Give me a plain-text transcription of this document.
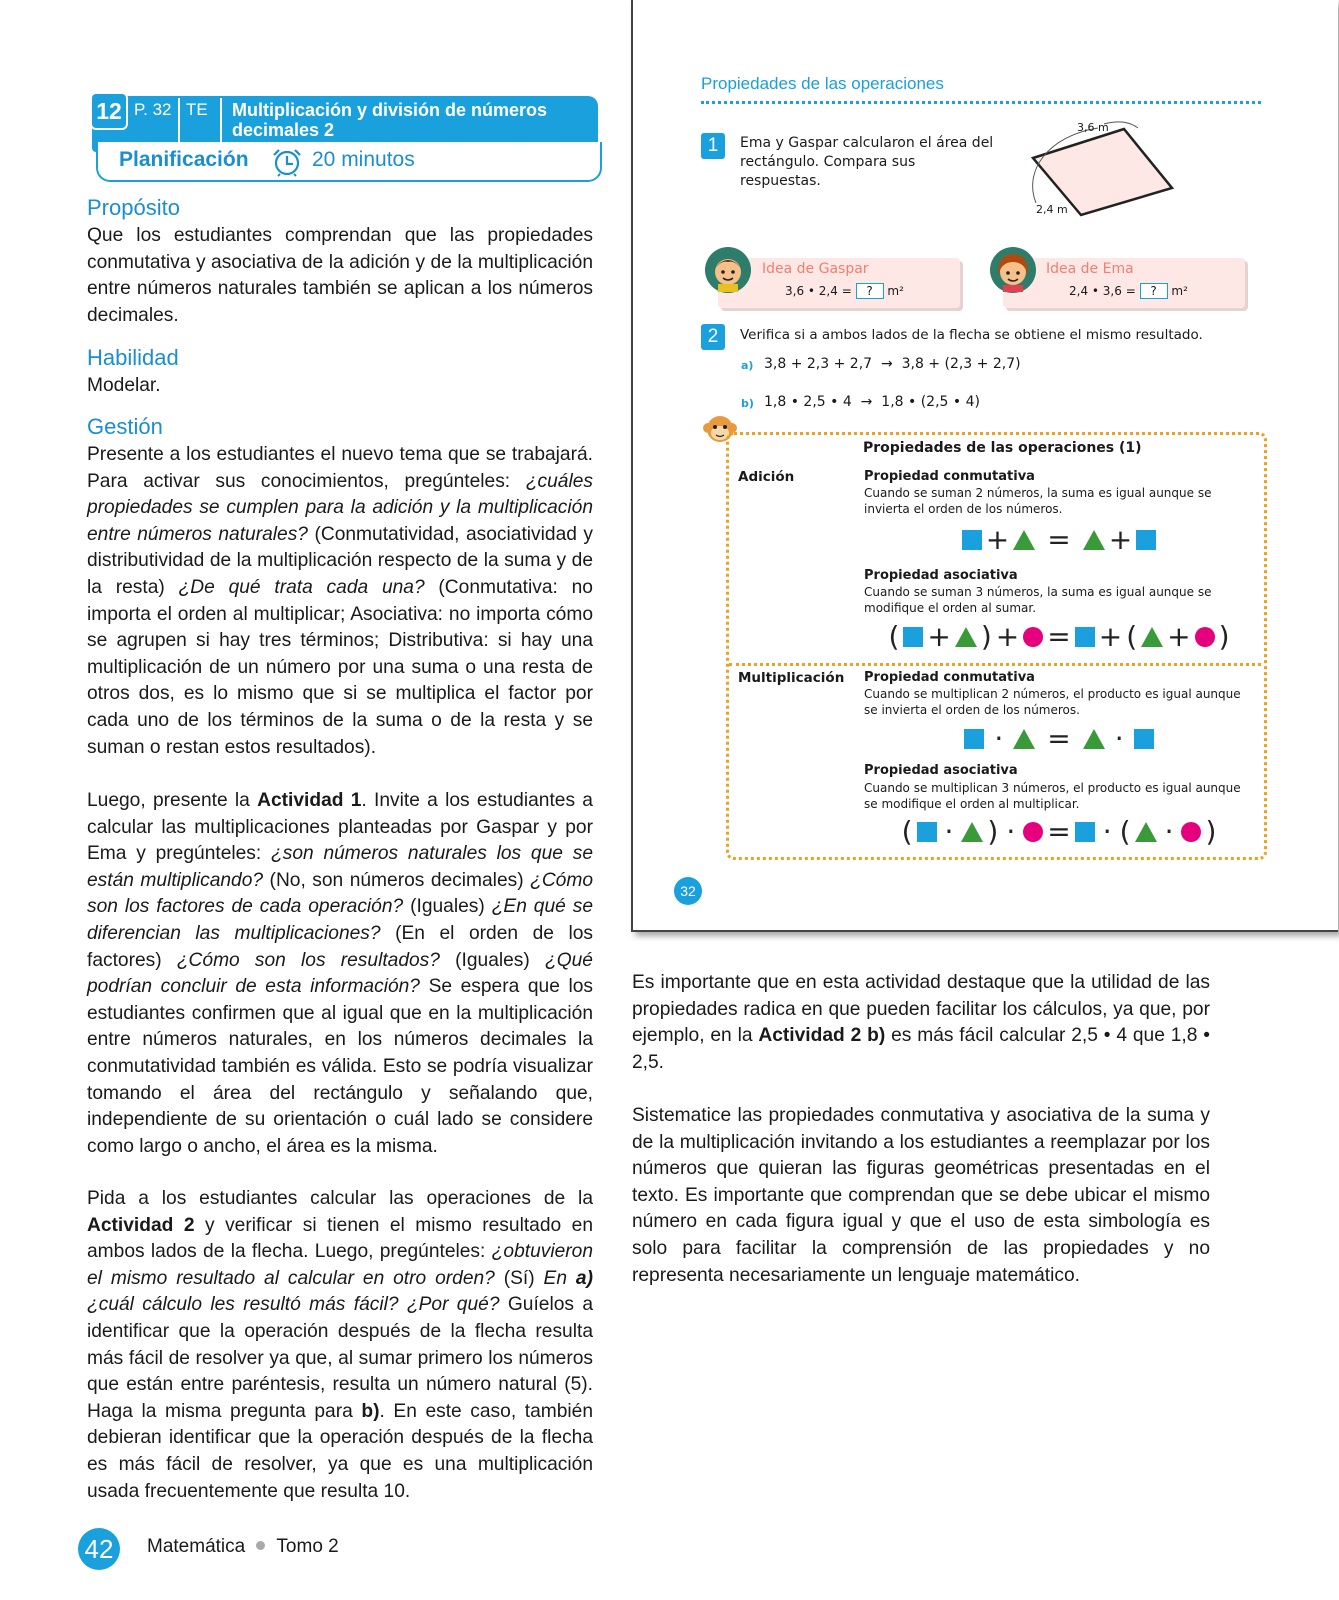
12 P. 32 TE Multiplicación y división de números decimales 2
Planificación	20 minutos
Propósito
Que los estudiantes comprendan que las propiedades conmutativa y asociativa de la adición y de la multiplicación entre números naturales también se aplican a los números decimales.
Habilidad
Modelar.
Gestión
Presente a los estudiantes el nuevo tema que se trabajará. Para activar sus conocimientos, pregúnteles: ¿cuáles propiedades se cumplen para la adición y la multiplicación entre números naturales? (Conmutatividad, asociatividad y distributividad de la multiplicación respecto de la suma y de la resta) ¿De qué trata cada una? (Conmutativa: no importa el orden al multiplicar; Asociativa: no importa cómo se agrupen si hay tres términos; Distributiva: si hay una multiplicación de un número por una suma o una resta de otros dos, es lo mismo que si se multiplica el factor por cada uno de los términos de la suma o de la resta y se suman o restan estos resultados).
Luego, presente la Actividad 1. Invite a los estudiantes a calcular las multiplicaciones planteadas por Gaspar y por Ema y pregúnteles: ¿son números naturales los que se están multiplicando? (No, son números decimales) ¿Cómo son los factores de cada operación? (Iguales) ¿En qué se diferencian las multiplicaciones? (En el orden de los factores) ¿Cómo son los resultados? (Iguales) ¿Qué podrían concluir de esta información? Se espera que los estudiantes confirmen que al igual que en la multiplicación entre números naturales, en los números decimales la conmutatividad también es válida. Esto se podría visualizar tomando el área del rectángulo y señalando que, independiente de su orientación o cuál lado se considere como largo o ancho, el área es la misma.
Pida a los estudiantes calcular las operaciones de la Actividad 2 y verificar si tienen el mismo resultado en ambos lados de la flecha. Luego, pregúnteles: ¿obtuvieron el mismo resultado al calcular en otro orden? (Sí) En a) ¿cuál cálculo les resultó más fácil? ¿Por qué? Guíelos a identificar que la operación después de la flecha resulta más fácil de resolver ya que, al sumar primero los números que están entre paréntesis, resulta un número natural (5). Haga la misma pregunta para b). En este caso, también debieran identificar que la operación después de la flecha es más fácil de resolver, ya que es una multiplicación usada frecuentemente que resulta 10.
Propiedades de las operaciones
1	Ema y Gaspar calcularon el área del rectángulo. Compara sus respuestas.
3,6 m
2,4 m
Idea de Gaspar
3,6 • 2,4 = ? m²
Idea de Ema
2,4 • 3,6 = ? m²
2	Verifica si a ambos lados de la flecha se obtiene el mismo resultado.
a) 3,8 + 2,3 + 2,7  →  3,8 + (2,3 + 2,7)
b) 1,8 • 2,5 • 4  →  1,8 • (2,5 • 4)
Propiedades de las operaciones (1)
Adición	Propiedad conmutativa
Cuando se suman 2 números, la suma es igual aunque se invierta el orden de los números.
+ = +
Propiedad asociativa
Cuando se suman 3 números, la suma es igual aunque se modifique el orden al sumar.
( + ) + = + ( + )
Multiplicación Propiedad conmutativa
Cuando se multiplican 2 números, el producto es igual aunque se invierta el orden de los números.
· = ·
Propiedad asociativa
Cuando se multiplican 3 números, el producto es igual aunque se modifique el orden al multiplicar.
( · ) · = · ( · )
32
Es importante que en esta actividad destaque que la utilidad de las propiedades radica en que pueden facilitar los cálculos, ya que, por ejemplo, en la Actividad 2 b) es más fácil calcular 2,5 • 4 que 1,8 • 2,5.
Sistematice las propiedades conmutativa y asociativa de la suma y de la multiplicación invitando a los estudiantes a reemplazar por los números que quieran las figuras geométricas presentadas en el texto. Es importante que comprendan que se debe ubicar el mismo número en cada figura igual y que el uso de esta simbología es solo para facilitar la comprensión de las propiedades y no representa necesariamente un lenguaje matemático.
42	Matemática Tomo 2
